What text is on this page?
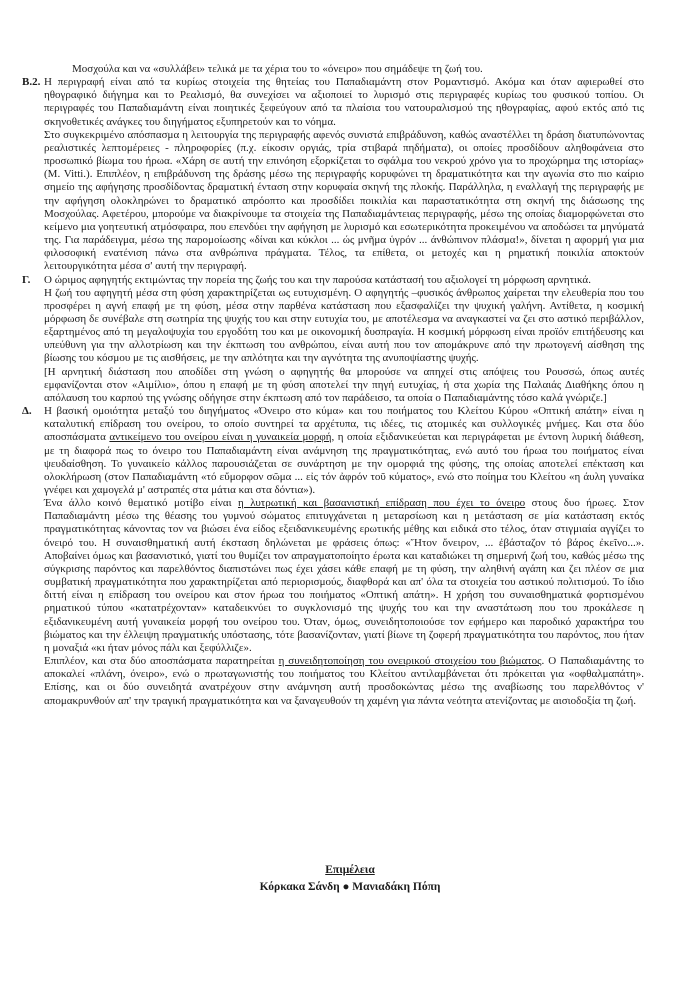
Μοσχούλα και να «συλλάβει» τελικά με τα χέρια του το «όνειρο» που σημάδεψε τη ζωή του.
Β.2. Η περιγραφή είναι από τα κυρίως στοιχεία της θητείας του Παπαδιαμάντη στον Ρομαντισμό. Ακόμα και όταν αφιερωθεί στο ηθογραφικό διήγημα και το Ρεαλισμό, θα συνεχίσει να αξιοποιεί το λυρισμό στις περιγραφές κυρίως του φυσικού τοπίου. Οι περιγραφές του Παπαδιαμάντη είναι ποιητικές ξεφεύγουν από τα πλαίσια του νατουραλισμού της ηθογραφίας, αφού εκτός από τις σκηνοθετικές ανάγκες του διηγήματος εξυπηρετούν και το νόημα.

Στο συγκεκριμένο απόσπασμα η λειτουργία της περιγραφής αφενός συνιστά επιβράδυνση, καθώς αναστέλλει τη δράση διατυπώνοντας ρεαλιστικές λεπτομέρειες - πληροφορίες (π.χ. είκοσιν οργιάς, τρία στιβαρά πηδήματα), οι οποίες προσδίδουν αληθοφάνεια στο προσωπικό βίωμα του ήρωα. «Χάρη σε αυτή την επινόηση εξορκίζεται το σφάλμα του νεκρού χρόνο για το προχώρημα της ιστορίας» (M. Vitti.). Επιπλέον, η επιβράδυνση της δράσης μέσω της περιγραφής κορυφώνει τη δραματικότητα και την αγωνία στο πιο καίριο σημείο της αφήγησης προσδίδοντας δραματική ένταση στην κορυφαία σκηνή της πλοκής. Παράλληλα, η εναλλαγή της περιγραφής με την αφήγηση ολοκληρώνει το δραματικό απρόοπτο και προσδίδει ποικιλία και παραστατικότητα στη σκηνή της διάσωσης της Μοσχούλας. Αφετέρου, μπορούμε να διακρίνουμε τα στοιχεία της Παπαδιαμάντειας περιγραφής, μέσω της οποίας διαμορφώνεται στο κείμενο μια γοητευτική ατμόσφαιρα, που επενδύει την αφήγηση με λυρισμό και εσωτερικότητα προκειμένου να αποδώσει τα μηνύματά της. Για παράδειγμα, μέσω της παρομοίωσης «δίναι και κύκλοι ... ώς μνῆμα ὑγρόν ... άνθώπινον πλάσμα!», δίνεται η αφορμή για μια φιλοσοφική ενατένιση πάνω στα ανθρώπινα πράγματα. Τέλος, τα επίθετα, οι μετοχές και η ρηματική ποικιλία αποκτούν λειτουργικότητα μέσα σ' αυτή την περιγραφή.

Γ.	Ο ώριμος αφηγητής εκτιμώντας την πορεία της ζωής του και την παρούσα κατάστασή του αξιολογεί τη μόρφωση αρνητικά.

Η ζωή του αφηγητή μέσα στη φύση χαρακτηρίζεται ως ευτυχισμένη. Ο αφηγητής –φυσικός άνθρωπος χαίρεται την ελευθερία που του προσφέρει η αγνή επαφή με τη φύση, μέσα στην παρθένα κατάσταση που εξασφαλίζει την ψυχική γαλήνη. Αντίθετα, η κοσμική μόρφωση δε συνέβαλε στη σωτηρία της ψυχής του και στην ευτυχία του, με αποτέλεσμα να αναγκαστεί να ζει στο αστικό περιβάλλον, εξαρτημένος από τη μεγαλοψυχία του εργοδότη του και με οικονομική δυσπραγία. Η κοσμική μόρφωση είναι προϊόν επιτήδευσης και υπεύθυνη για την αλλοτρίωση και την έκπτωση του ανθρώπου, είναι αυτή που τον απομάκρυνε από την πρωτογενή αίσθηση της βίωσης του κόσμου με τις αισθήσεις, με την απλότητα και την αγνότητα της ανυποψίαστης ψυχής.

[Η αρνητική διάσταση που αποδίδει στη γνώση ο αφηγητής θα μπορούσε να απηχεί στις απόψεις του Ρουσσώ, όπως αυτές εμφανίζονται στον «Αιμίλιο», όπου η επαφή με τη φύση αποτελεί την πηγή ευτυχίας, ή στα χωρία της Παλαιάς Διαθήκης όπου η απόλαυση του καρπού της γνώσης οδήγησε στην έκπτωση από τον παράδεισο, τα οποία ο Παπαδιαμάντης τόσο καλά γνώριζε.]

Δ.	Η βασική ομοιότητα μεταξύ του διηγήματος «Όνειρο στο κύμα» και του ποιήματος του Κλείτου Κύρου «Οπτική απάτη» είναι η καταλυτική επίδραση του ονείρου, το οποίο συντηρεί τα αρχέτυπα, τις ιδέες, τις ατομικές και συλλογικές μνήμες. Και στα δύο αποσπάσματα αντικείμενο του ονείρου είναι η γυναικεία μορφή, η οποία εξιδανικεύεται και περιγράφεται με έντονη λυρική διάθεση, με τη διαφορά πως το όνειρο του Παπαδιαμάντη είναι ανάμνηση της πραγματικότητας, ενώ αυτό του ήρωα του ποιήματος είναι ψευδαίσθηση. Το γυναικείο κάλλος παρουσιάζεται σε συνάρτηση με την ομορφιά της φύσης, της οποίας αποτελεί επέκταση και ολοκλήρωση (στον Παπαδιαμάντη «τό εὔμορφον σῶμα ... εἰς τόν ἀφρόν τοῦ κύματος», ενώ στο ποίημα του Κλείτου «η άυλη γυναίκα γνέφει και χαμογελά μ' αστραπές στα μάτια και στα δόντια»).

Ένα άλλο κοινό θεματικό μοτίβο είναι η λυτρωτική και βασανιστική επίδραση που έχει το όνειρο στους δυο ήρωες. Στον Παπαδιαμάντη μέσω της θέασης του γυμνού σώματος επιτυγχάνεται η μεταρσίωση και η μετάσταση σε μία κατάσταση εκτός πραγματικότητας κάνοντας τον να βιώσει ένα είδος εξειδανικευμένης ερωτικής μέθης και ειδικά στο τέλος, όταν στιγμιαία αγγίζει το όνειρό του. Η συναισθηματική αυτή έκσταση δηλώνεται με φράσεις όπως: «Ἤτον ὄνειρον, ... ἐβάσταζον τό βάρος ἐκεῖνο...». Αποβαίνει όμως και βασανιστικό, γιατί του θυμίζει τον απραγματοποίητο έρωτα και καταδιώκει τη σημερινή ζωή του, καθώς μέσω της σύγκρισης παρόντος και παρελθόντος διαπιστώνει πως έχει χάσει κάθε επαφή με τη φύση, την αληθινή αγάπη και ζει πλέον σε μια συμβατική πραγματικότητα που χαρακτηρίζεται από περιορισμούς, διαφθορά και απ' όλα τα στοιχεία του αστικού πολιτισμού. Το ίδιο διττή είναι η επίδραση του ονείρου και στον ήρωα του ποιήματος «Οπτική απάτη». Η χρήση του συναισθηματικά φορτισμένου ρηματικού τύπου «κατατρέχονταν» καταδεικνύει το συγκλονισμό της ψυχής του και την αναστάτωση που του προκάλεσε η εξιδανικευμένη αυτή γυναικεία μορφή του ονείρου του. Όταν, όμως, συνειδητοποιούσε τον εφήμερο και παροδικό χαρακτήρα του βιώματος και την έλλειψη πραγματικής υπόστασης, τότε βασανίζονταν, γιατί βίωνε τη ζοφερή πραγματικότητα του παρόντος, που ήταν η μοναξιά «κι ήταν μόνος πάλι και ξεφύλλιζε».

Επιπλέον, και στα δύο αποσπάσματα παρατηρείται η συνειδητοποίηση του ονειρικού στοιχείου του βιώματος. Ο Παπαδιαμάντης το αποκαλεί «πλάνη, όνειρο», ενώ ο πρωταγωνιστής του ποιήματος του Κλείτου αντιλαμβάνεται ότι πρόκειται για «οφθαλμαπάτη». Επίσης, και οι δύο συνειδητά ανατρέχουν στην ανάμνηση αυτή προσδοκώντας μέσω της αναβίωσης του παρελθόντος ν' απομακρυνθούν απ' την τραγική πραγματικότητα και να ξαναγευθούν τη χαμένη για πάντα νεότητα ατενίζοντας με αισιοδοξία τη ζωή.

Επιμέλεια
Κόρκακα Σάνδη ● Μανιαδάκη Πόπη
